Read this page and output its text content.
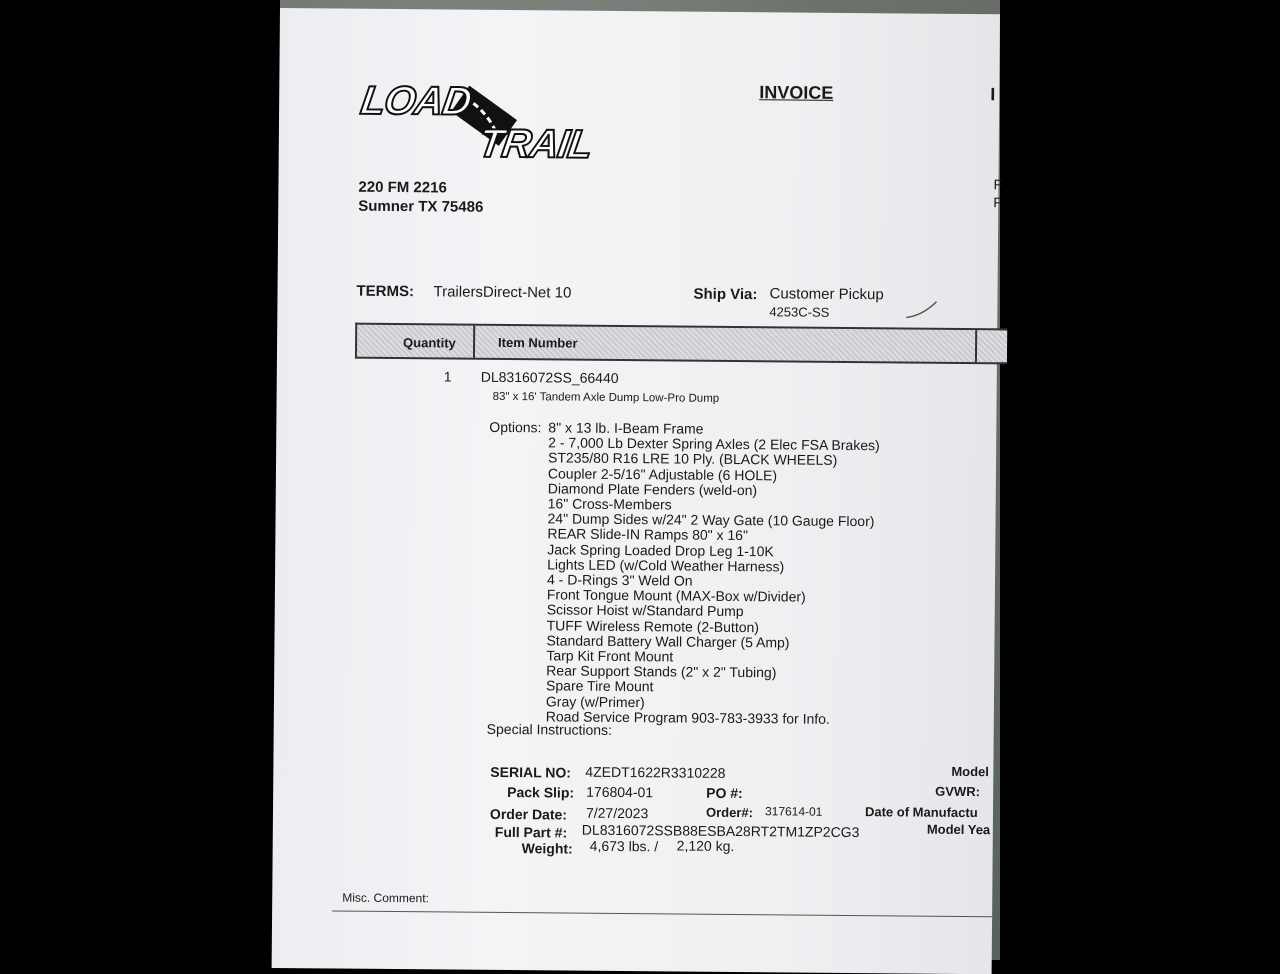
LOAD
TRAIL
INVOICE	I
220 FM 2216
Sumner TX 75486
F
F
TERMS: TrailersDirect-Net 10	Ship Via: Customer Pickup
4253C-SS
Quantity	Item Number
1 DL8316072SS_66440
83" x 16' Tandem Axle Dump Low-Pro Dump
Options: 8" x 13 lb. I-Beam Frame
2 - 7,000 Lb Dexter Spring Axles (2 Elec FSA Brakes)
ST235/80 R16 LRE 10 Ply. (BLACK WHEELS)
Coupler 2-5/16" Adjustable (6 HOLE)
Diamond Plate Fenders (weld-on)
16" Cross-Members
24" Dump Sides w/24" 2 Way Gate (10 Gauge Floor)
REAR Slide-IN Ramps 80" x 16"
Jack Spring Loaded Drop Leg 1-10K
Lights LED (w/Cold Weather Harness)
4 - D-Rings 3" Weld On
Front Tongue Mount (MAX-Box w/Divider)
Scissor Hoist w/Standard Pump
TUFF Wireless Remote (2-Button)
Standard Battery Wall Charger (5 Amp)
Tarp Kit Front Mount
Rear Support Stands (2" x 2" Tubing)
Spare Tire Mount
Gray (w/Primer)
Road Service Program 903-783-3933 for Info.
Special Instructions:
SERIAL NO: 4ZEDT1622R3310228
Pack Slip: 176804-01	PO #:
Order Date: 7/27/2023	Order#: 317614-01
Full Part #: DL8316072SSB88ESBA28RT2TM1ZP2CG3
Weight: 4,673 lbs. / 2,120 kg.
Model
GVWR:
Date of Manufactu
Model Yea
Misc. Comment:
